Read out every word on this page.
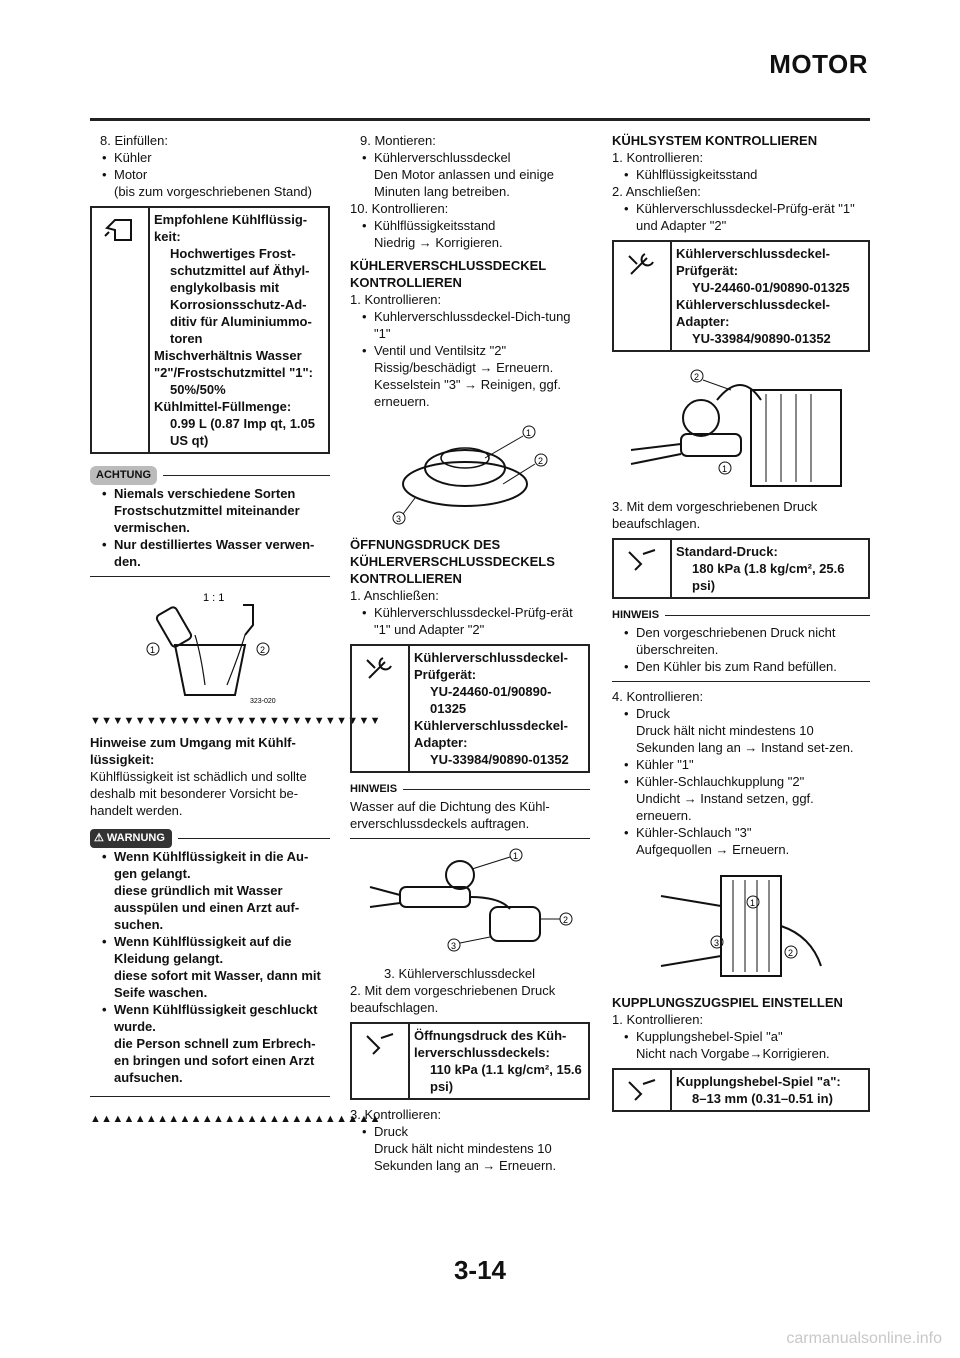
MOTOR

8. Einfüllen:

• Kühler

• Motor

(bis zum vorgeschriebenen Stand)

Empfohlene Kühlflüssig-keit:

Hochwertiges Frost-schutzmittel auf Äthyl-englykolbasis mit Korrosionsschutz-Ad-ditiv für Aluminiummo-toren

Mischverhältnis Wasser "2"/Frostschutzmittel "1":

50%/50%

Kühlmittel-Füllmenge:

0.99 L (0.87 Imp qt, 1.05 US qt)

ACHTUNG

• Niemals verschiedene Sorten Frostschutzmittel miteinander vermischen.

• Nur destilliertes Wasser verwen-den.

1 : 1
1	2
323-020
▼▼▼▼▼▼▼▼▼▼▼▼▼▼▼▼▼▼▼▼▼▼▼▼▼▼

Hinweise zum Umgang mit Kühlf-lüssigkeit:

Kühlflüssigkeit ist schädlich und sollte deshalb mit besonderer Vorsicht be-handelt werden.

⚠ WARNUNG

• Wenn Kühlflüssigkeit in die Au-gen gelangt.

diese gründlich mit Wasser ausspülen und einen Arzt auf-suchen.

• Wenn Kühlflüssigkeit auf die Kleidung gelangt.

diese sofort mit Wasser, dann mit Seife waschen.

• Wenn Kühlflüssigkeit geschluckt wurde.

die Person schnell zum Erbrech-en bringen und sofort einen Arzt aufsuchen.

▲▲▲▲▲▲▲▲▲▲▲▲▲▲▲▲▲▲▲▲▲▲▲▲▲▲

9. Montieren:

• Kühlerverschlussdeckel

Den Motor anlassen und einige Minuten lang betreiben.

10. Kontrollieren:

• Kühlflüssigkeitsstand

Niedrig → Korrigieren.

KÜHLERVERSCHLUSSDECKEL KONTROLLIEREN

1. Kontrollieren:

• Kuhlerverschlussdeckel-Dich-tung "1"

• Ventil und Ventilsitz "2"

Rissig/beschädigt → Erneuern. Kesselstein "3" → Reinigen, ggf. erneuern.

1
2
3

ÖFFNUNGSDRUCK DES KÜHLERVERSCHLUSSDECKELS KONTROLLIEREN

1. Anschließen:

• Kühlerverschlussdeckel-Prüfg-erät "1" und Adapter "2"

Kühlerverschlussdeckel-Prüfgerät:

YU-24460-01/90890-01325

Kühlerverschlussdeckel-Adapter:

YU-33984/90890-01352

HINWEIS

Wasser auf die Dichtung des Kühl-erverschlussdeckels auftragen.

1
2
3

3. Kühlerverschlussdeckel

2. Mit dem vorgeschriebenen Druck beaufschlagen.

Öffnungsdruck des Küh-lerverschlussdeckels:

110 kPa (1.1 kg/cm², 15.6 psi)

3. Kontrollieren:

• Druck

Druck hält nicht mindestens 10 Sekunden lang an → Erneuern.

KÜHLSYSTEM KONTROLLIEREN

1. Kontrollieren:

• Kühlflüssigkeitsstand

2. Anschließen:

• Kühlerverschlussdeckel-Prüfg-erät "1" und Adapter "2"

Kühlerverschlussdeckel-Prüfgerät:

YU-24460-01/90890-01325

Kühlerverschlussdeckel-Adapter:

YU-33984/90890-01352

2
1

3. Mit dem vorgeschriebenen Druck beaufschlagen.

Standard-Druck:

180 kPa (1.8 kg/cm², 25.6 psi)

HINWEIS

• Den vorgeschriebenen Druck nicht überschreiten.

• Den Kühler bis zum Rand befüllen.

4. Kontrollieren:

• Druck

Druck hält nicht mindestens 10 Sekunden lang an → Instand set-zen.

• Kühler "1"

• Kühler-Schlauchkupplung "2"

Undicht → Instand setzen, ggf. erneuern.

• Kühler-Schlauch "3"

Aufgequollen → Erneuern.

1
3
2

KUPPLUNGSZUGSPIEL EINSTELLEN

1. Kontrollieren:

• Kupplungshebel-Spiel "a"

Nicht nach Vorgabe→Korrigieren.

Kupplungshebel-Spiel "a":

8–13 mm (0.31–0.51 in)

3-14
carmanualsonline.info
